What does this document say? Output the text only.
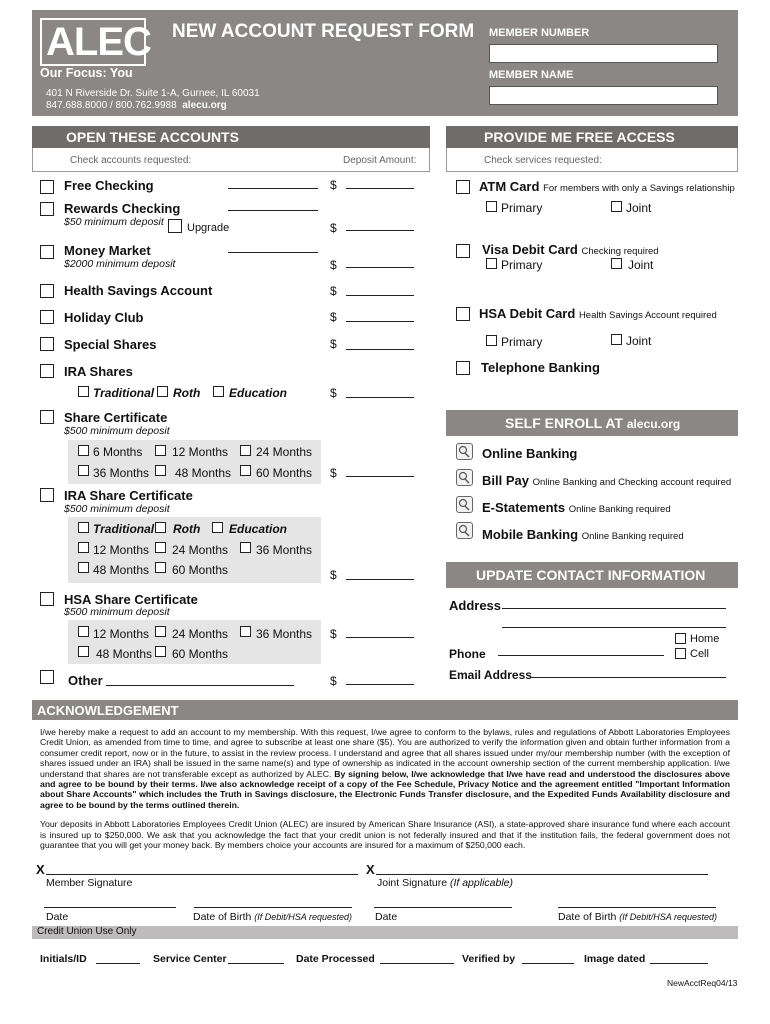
ALEC
Our Focus: You
NEW ACCOUNT REQUEST FORM
401 N Riverside Dr. Suite 1-A, Gurnee, IL 60031
847.688.8000 / 800.762.9988 alecu.org
MEMBER NUMBER
MEMBER NAME
OPEN THESE ACCOUNTS
Check accounts requested:	Deposit Amount:
Free Checking	$
Rewards Checking
$50 minimum deposit Upgrade	$
Money Market
$2000 minimum deposit	$
Health Savings Account	$
Holiday Club	$
Special Shares	$
IRA Shares
Traditional Roth Education	$
Share Certificate
$500 minimum deposit
6 Months 12 Months 24 Months
36 Months 48 Months 60 Months $
IRA Share Certificate
$500 minimum deposit
Traditional Roth Education
12 Months 24 Months 36 Months
48 Months 60 Months	$
HSA Share Certificate
$500 minimum deposit
12 Months 24 Months 36 Months
48 Months 60 Months
$
Other	$
PROVIDE ME FREE ACCESS
Check services requested:
ATM Card For members with only a Savings relationship
Primary	Joint
Visa Debit Card Checking required
Primary	Joint
HSA Debit Card Health Savings Account required
Primary	Joint
Telephone Banking
SELF ENROLL AT alecu.org
Online Banking
Bill Pay Online Banking and Checking account required
E-Statements Online Banking required
Mobile Banking Online Banking required
UPDATE CONTACT INFORMATION
Address
Home
Phone	Cell
Email Address
ACKNOWLEDGEMENT

I/we hereby make a request to add an account to my membership. With this request, I/we agree to conform to the bylaws, rules and regulations of Abbott Laboratories Employees Credit Union, as amended from time to time, and agree to subscribe at least one share ($5). You are authorized to verify the information given and obtain further information from a consumer credit report, now or in the future, to assist in the review process. I understand and agree that all shares issued under my/our membership number (with the exception of shares issued under an IRA) shall be issued in the same name(s) and type of ownership as indicated in the account ownership section of the current membership application. I/we understand that shares are not transferable except as authorized by ALEC. By signing below, I/we acknowledge that I/we have read and understood the disclosures above and agree to be bound by their terms. I/we also acknowledge receipt of a copy of the Fee Schedule, Privacy Notice and the agreement entitled "Important Information about Share Accounts" which includes the Truth in Savings disclosure, the Electronic Funds Transfer disclosure, and the Expedited Funds Availability disclosure and agree to be bound by the terms outlined therein.

Your deposits in Abbott Laboratories Employees Credit Union (ALEC) are insured by American Share Insurance (ASI), a state-approved share insurance fund where each account is insured up to $250,000. We ask that you acknowledge the fact that your credit union is not federally insured and that if the institution fails, the federal government does not guarantee that you will get your money back. By members choice your accounts are insured for a maximum of $250,000 each.

X
Member Signature
X
Joint Signature (If applicable)
Date	Date of Birth (If Debit/HSA requested) Date	Date of Birth (If Debit/HSA requested)
Credit Union Use Only
Initials/ID	Service Center	Date Processed	Verified by	Image dated
NewAcctReq04/13
